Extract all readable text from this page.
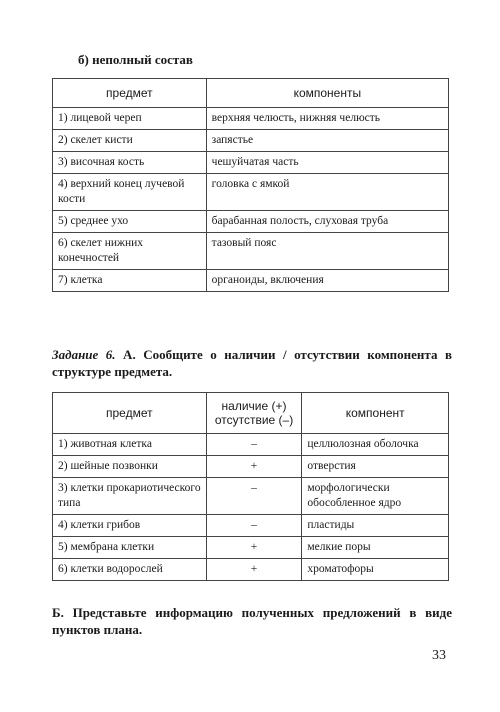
б) неполный состав
предмет	компоненты
1) лицевой череп	верхняя челюсть, нижняя челюсть
2) скелет кисти	запястье
3) височная кость	чешуйчатая часть
4) верхний конец лучевой кости	головка с ямкой
5) среднее ухо	барабанная полость, слуховая труба
6) скелет нижних конечностей	тазовый пояс
7) клетка	органоиды, включения
Задание 6. А. Сообщите о наличии / отсутствии компонента в структуре предмета.
предмет	наличие (+) отсутствие (–)	компонент
1) животная клетка	–	целлюлозная оболочка
2) шейные позвонки	+	отверстия
3) клетки прокариотического типа	–	морфологически обособленное ядро
4) клетки грибов	–	пластиды
5) мембрана клетки	+	мелкие поры
6) клетки водорослей	+	хроматофоры
Б. Представьте информацию полученных предложений в виде пунктов плана.
33
